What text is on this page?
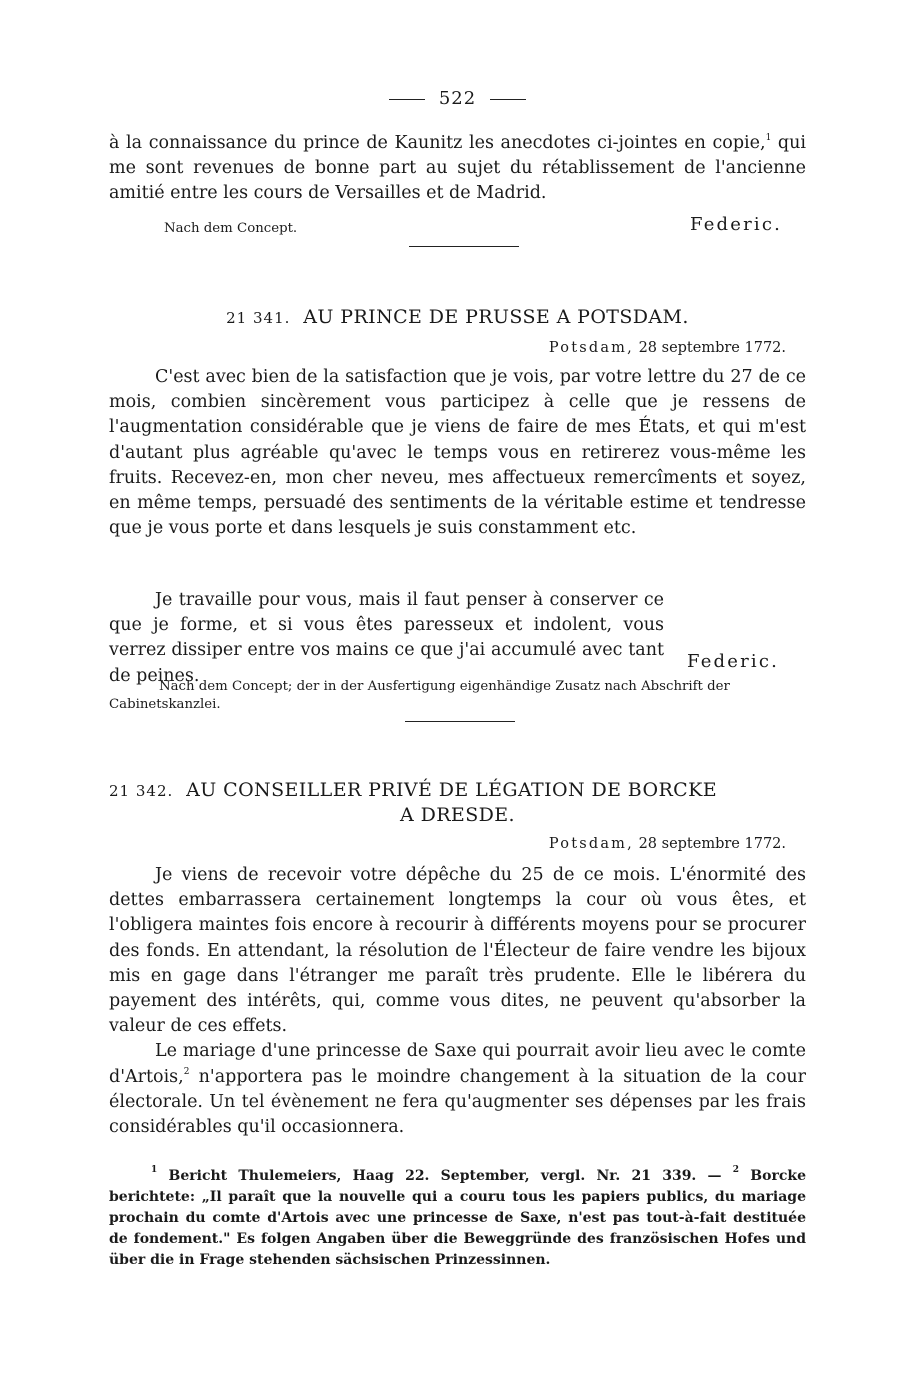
522

à la connaissance du prince de Kaunitz les anecdotes ci-jointes en copie,$^1$ qui me sont revenues de bonne part au sujet du rétablissement de l'ancienne amitié entre les cours de Versailles et de Madrid.

Nach dem Concept.	Federic.
21 341. AU PRINCE DE PRUSSE A POTSDAM.
Potsdam, 28 septembre 1772.

C'est avec bien de la satisfaction que je vois, par votre lettre du 27 de ce mois, combien sincèrement vous participez à celle que je ressens de l'augmentation considérable que je viens de faire de mes États, et qui m'est d'autant plus agréable qu'avec le temps vous en retirerez vous-même les fruits. Recevez-en, mon cher neveu, mes affectueux remercîments et soyez, en même temps, persuadé des sentiments de la véritable estime et tendresse que je vous porte et dans lesquels je suis constamment etc.

Je travaille pour vous, mais il faut penser à conserver ce que je forme, et si vous êtes paresseux et indolent, vous verrez dissiper entre vos mains ce que j'ai accumulé avec tant de peines.

Federic.
Nach dem Concept; der in der Ausfertigung eigenhändige Zusatz nach Abschrift der Cabinetskanzlei.
21 342. AU CONSEILLER PRIVÉ DE LÉGATION DE BORCKE
A DRESDE.
Potsdam, 28 septembre 1772.

Je viens de recevoir votre dépêche du 25 de ce mois. L'énormité des dettes embarrassera certainement longtemps la cour où vous êtes, et l'obligera maintes fois encore à recourir à différents moyens pour se procurer des fonds. En attendant, la résolution de l'Électeur de faire vendre les bijoux mis en gage dans l'étranger me paraît très prudente. Elle le libérera du payement des intérêts, qui, comme vous dites, ne peuvent qu'absorber la valeur de ces effets.

Le mariage d'une princesse de Saxe qui pourrait avoir lieu avec le comte d'Artois,$^2$ n'apportera pas le moindre changement à la situation de la cour électorale. Un tel évènement ne fera qu'augmenter ses dépenses par les frais considérables qu'il occasionnera.

$^1$ Bericht Thulemeiers, Haag 22. September, vergl. Nr. 21 339. — $^2$ Borcke berichtete: „Il paraît que la nouvelle qui a couru tous les papiers publics, du mariage prochain du comte d'Artois avec une princesse de Saxe, n'est pas tout-à-fait destituée de fondement." Es folgen Angaben über die Beweggründe des französischen Hofes und über die in Frage stehenden sächsischen Prinzessinnen.
